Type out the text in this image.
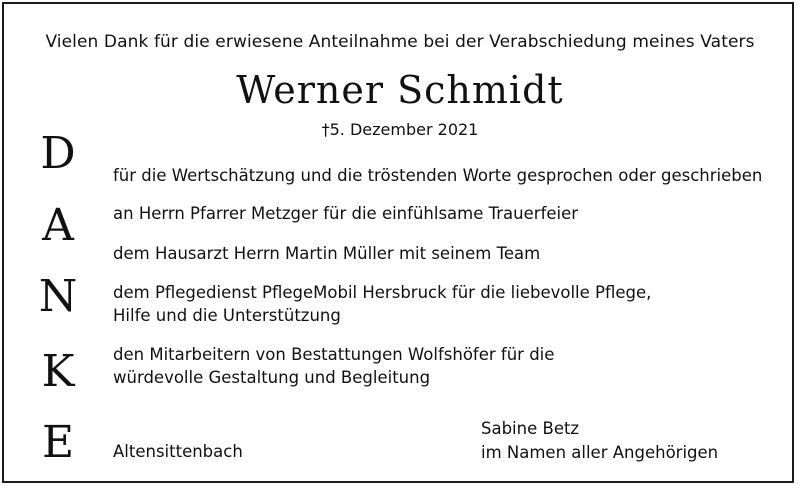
Vielen Dank für die erwiesene Anteilnahme bei der Verabschiedung meines Vaters
Werner Schmidt
†5. Dezember 2021
D
A
N
K
E
für die Wertschätzung und die tröstenden Worte gesprochen oder geschrieben
an Herrn Pfarrer Metzger für die einfühlsame Trauerfeier
dem Hausarzt Herrn Martin Müller mit seinem Team
dem Pflegedienst PflegeMobil Hersbruck für die liebevolle Pflege,
Hilfe und die Unterstützung
den Mitarbeitern von Bestattungen Wolfshöfer für die
würdevolle Gestaltung und Begleitung
Altensittenbach
Sabine Betz
im Namen aller Angehörigen
